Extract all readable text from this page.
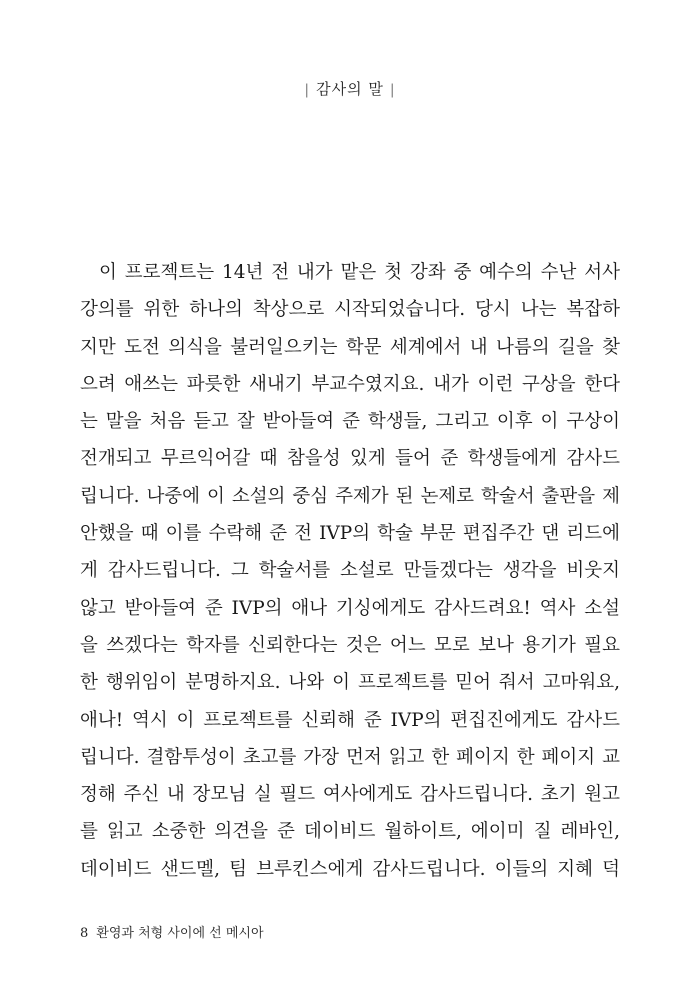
| 감사의 말 |
이 프로젝트는 14년 전 내가 맡은 첫 강좌 중 예수의 수난 서사
강의를 위한 하나의 착상으로 시작되었습니다. 당시 나는 복잡하
지만 도전 의식을 불러일으키는 학문 세계에서 내 나름의 길을 찾
으려 애쓰는 파릇한 새내기 부교수였지요. 내가 이런 구상을 한다
는 말을 처음 듣고 잘 받아들여 준 학생들, 그리고 이후 이 구상이
전개되고 무르익어갈 때 참을성 있게 들어 준 학생들에게 감사드
립니다. 나중에 이 소설의 중심 주제가 된 논제로 학술서 출판을 제
안했을 때 이를 수락해 준 전 IVP의 학술 부문 편집주간 댄 리드에
게 감사드립니다. 그 학술서를 소설로 만들겠다는 생각을 비웃지
않고 받아들여 준 IVP의 애나 기싱에게도 감사드려요! 역사 소설
을 쓰겠다는 학자를 신뢰한다는 것은 어느 모로 보나 용기가 필요
한 행위임이 분명하지요. 나와 이 프로젝트를 믿어 줘서 고마워요,
애나! 역시 이 프로젝트를 신뢰해 준 IVP의 편집진에게도 감사드
립니다. 결함투성이 초고를 가장 먼저 읽고 한 페이지 한 페이지 교
정해 주신 내 장모님 실 필드 여사에게도 감사드립니다. 초기 원고
를 읽고 소중한 의견을 준 데이비드 월하이트, 에이미 질 레바인,
데이비드 샌드멜, 팀 브루킨스에게 감사드립니다. 이들의 지혜 덕
8 환영과 처형 사이에 선 메시아
